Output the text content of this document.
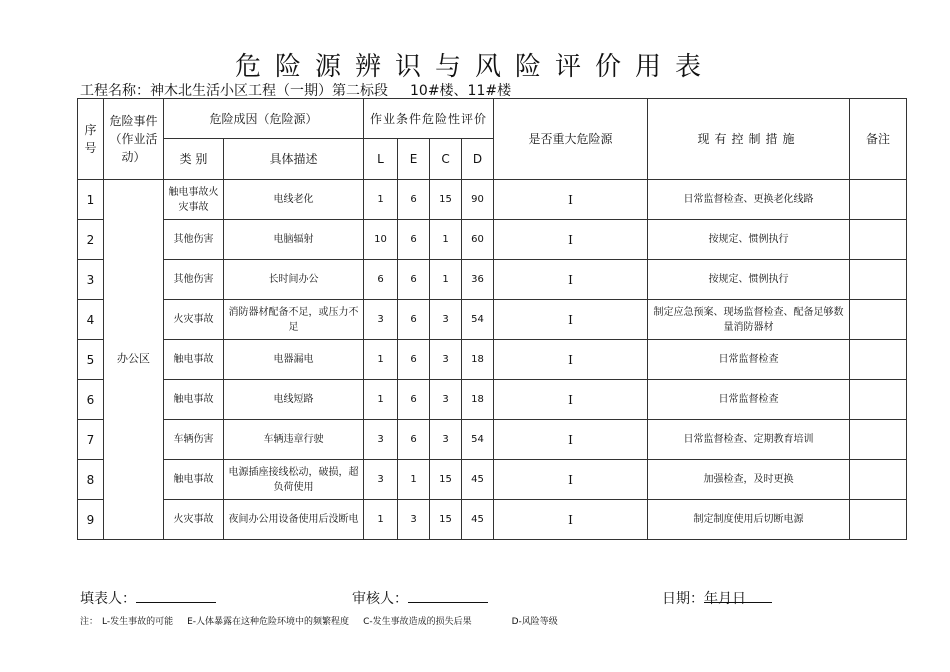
危险源辨识与风险评价用表
工程名称：神木北生活小区工程（一期）第二标段 10#楼、11#楼
序号	危险事件（作业活动）	危险成因（危险源）		作业条件危险性评价				是否重大危险源	现有控制措施	备注
		类 别	具体描述	L	E	C	D			
1	办公区	触电事故火灾事故	电线老化	1	6	15	90	I	日常监督检查、更换老化线路	
2		其他伤害	电脑辐射	10	6	1	60	I	按规定、惯例执行	
3		其他伤害	长时间办公	6	6	1	36	I	按规定、惯例执行	
4		火灾事故	消防器材配备不足，或压力不足	3	6	3	54	I	制定应急预案、现场监督检查、配备足够数量消防器材	
5		触电事故	电器漏电	1	6	3	18	I	日常监督检查	
6		触电事故	电线短路	1	6	3	18	I	日常监督检查	
7		车辆伤害	车辆违章行驶	3	6	3	54	I	日常监督检查、定期教育培训	
8		触电事故	电源插座接线松动，破损，超负荷使用	3	1	15	45	I	加强检查，及时更换	
9		火灾事故	夜间办公用设备使用后没断电	1	3	15	45	I	制定制度使用后切断电源	
填表人：	审核人：	日期：
年
月
日
注： L-发生事故的可能 E-人体暴露在这种危险环境中的频繁程度 C-发生事故造成的损失后果	D-风险等级
